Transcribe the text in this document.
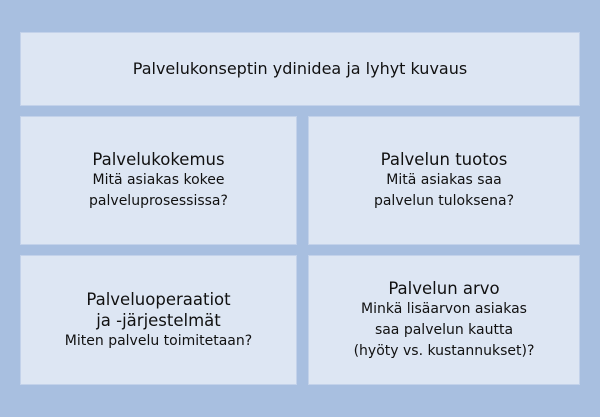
Palvelukonseptin ydinidea ja lyhyt kuvaus
Palvelukokemus
Mitä asiakas kokee
palveluprosessissa?
Palvelun tuotos
Mitä asiakas saa
palvelun tuloksena?
Palveluoperaatiot
ja -järjestelmät
Miten palvelu toimitetaan?
Palvelun arvo
Minkä lisäarvon asiakas
saa palvelun kautta
(hyöty vs. kustannukset)?
